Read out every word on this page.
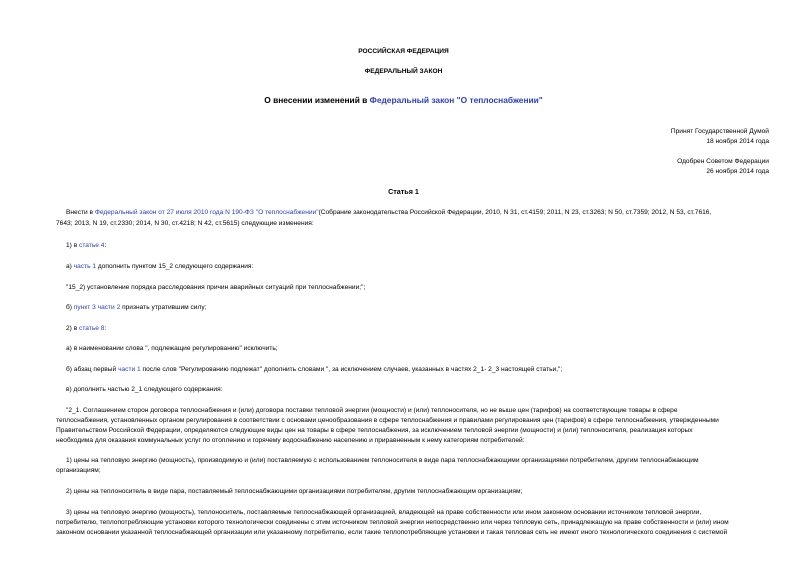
РОССИЙСКАЯ ФЕДЕРАЦИЯ
ФЕДЕРАЛЬНЫЙ ЗАКОН
О внесении изменений в Федеральный закон "О теплоснабжении"
Принят Государственной Думой
18 ноября 2014 года
Одобрен Советом Федерации
26 ноября 2014 года
Статья 1
Внести в Федеральный закон от 27 июля 2010 года N 190-ФЗ "О теплоснабжении"(Собрание законодательства Российской Федерации, 2010, N 31, ст.4159; 2011, N 23, ст.3263; N 50, ст.7359; 2012, N 53, ст.7616,
7643; 2013, N 19, ст.2330; 2014, N 30, ст.4218; N 42, ст.5615) следующие изменения:
1) в статье 4:
а) часть 1 дополнить пунктом 15_2 следующего содержания:
"15_2) установление порядка расследования причин аварийных ситуаций при теплоснабжении;";
б) пункт 3 части 2 признать утратившим силу;
2) в статье 8:
а) в наименовании слова ", подлежащие регулированию" исключить;
б) абзац первый части 1 после слов "Регулированию подлежат" дополнить словами ", за исключением случаев, указанных в частях 2_1- 2_3 настоящей статьи,";
в) дополнить частью 2_1 следующего содержания:
"2_1. Соглашением сторон договора теплоснабжения и (или) договора поставки тепловой энергии (мощности) и (или) теплоносителя, но не выше цен (тарифов) на соответствующие товары в сфере
теплоснабжения, установленных органом регулирования в соответствии с основами ценообразования в сфере теплоснабжения и правилами регулирования цен (тарифов) в сфере теплоснабжения, утвержденными
Правительством Российской Федерации, определяются следующие виды цен на товары в сфере теплоснабжения, за исключением тепловой энергии (мощности) и (или) теплоносителя, реализация которых
необходима для оказания коммунальных услуг по отоплению и горячему водоснабжению населению и приравненным к нему категориям потребителей:
1) цены на тепловую энергию (мощность), производимую и (или) поставляемую с использованием теплоносителя в виде пара теплоснабжающими организациями потребителям, другим теплоснабжающим
организациям;
2) цены на теплоноситель в виде пара, поставляемый теплоснабжающими организациями потребителям, другим теплоснабжающим организациям;
3) цены на тепловую энергию (мощность), теплоноситель, поставляемые теплоснабжающей организацией, владеющей на праве собственности или ином законном основании источником тепловой энергии,
потребителю, теплопотребляющие установки которого технологически соединены с этим источником тепловой энергии непосредственно или через тепловую сеть, принадлежащую на праве собственности и (или) ином
законном основании указанной теплоснабжающей организации или указанному потребителю, если такие теплопотребляющие установки и такая тепловая сеть не имеют иного технологического соединения с системой
